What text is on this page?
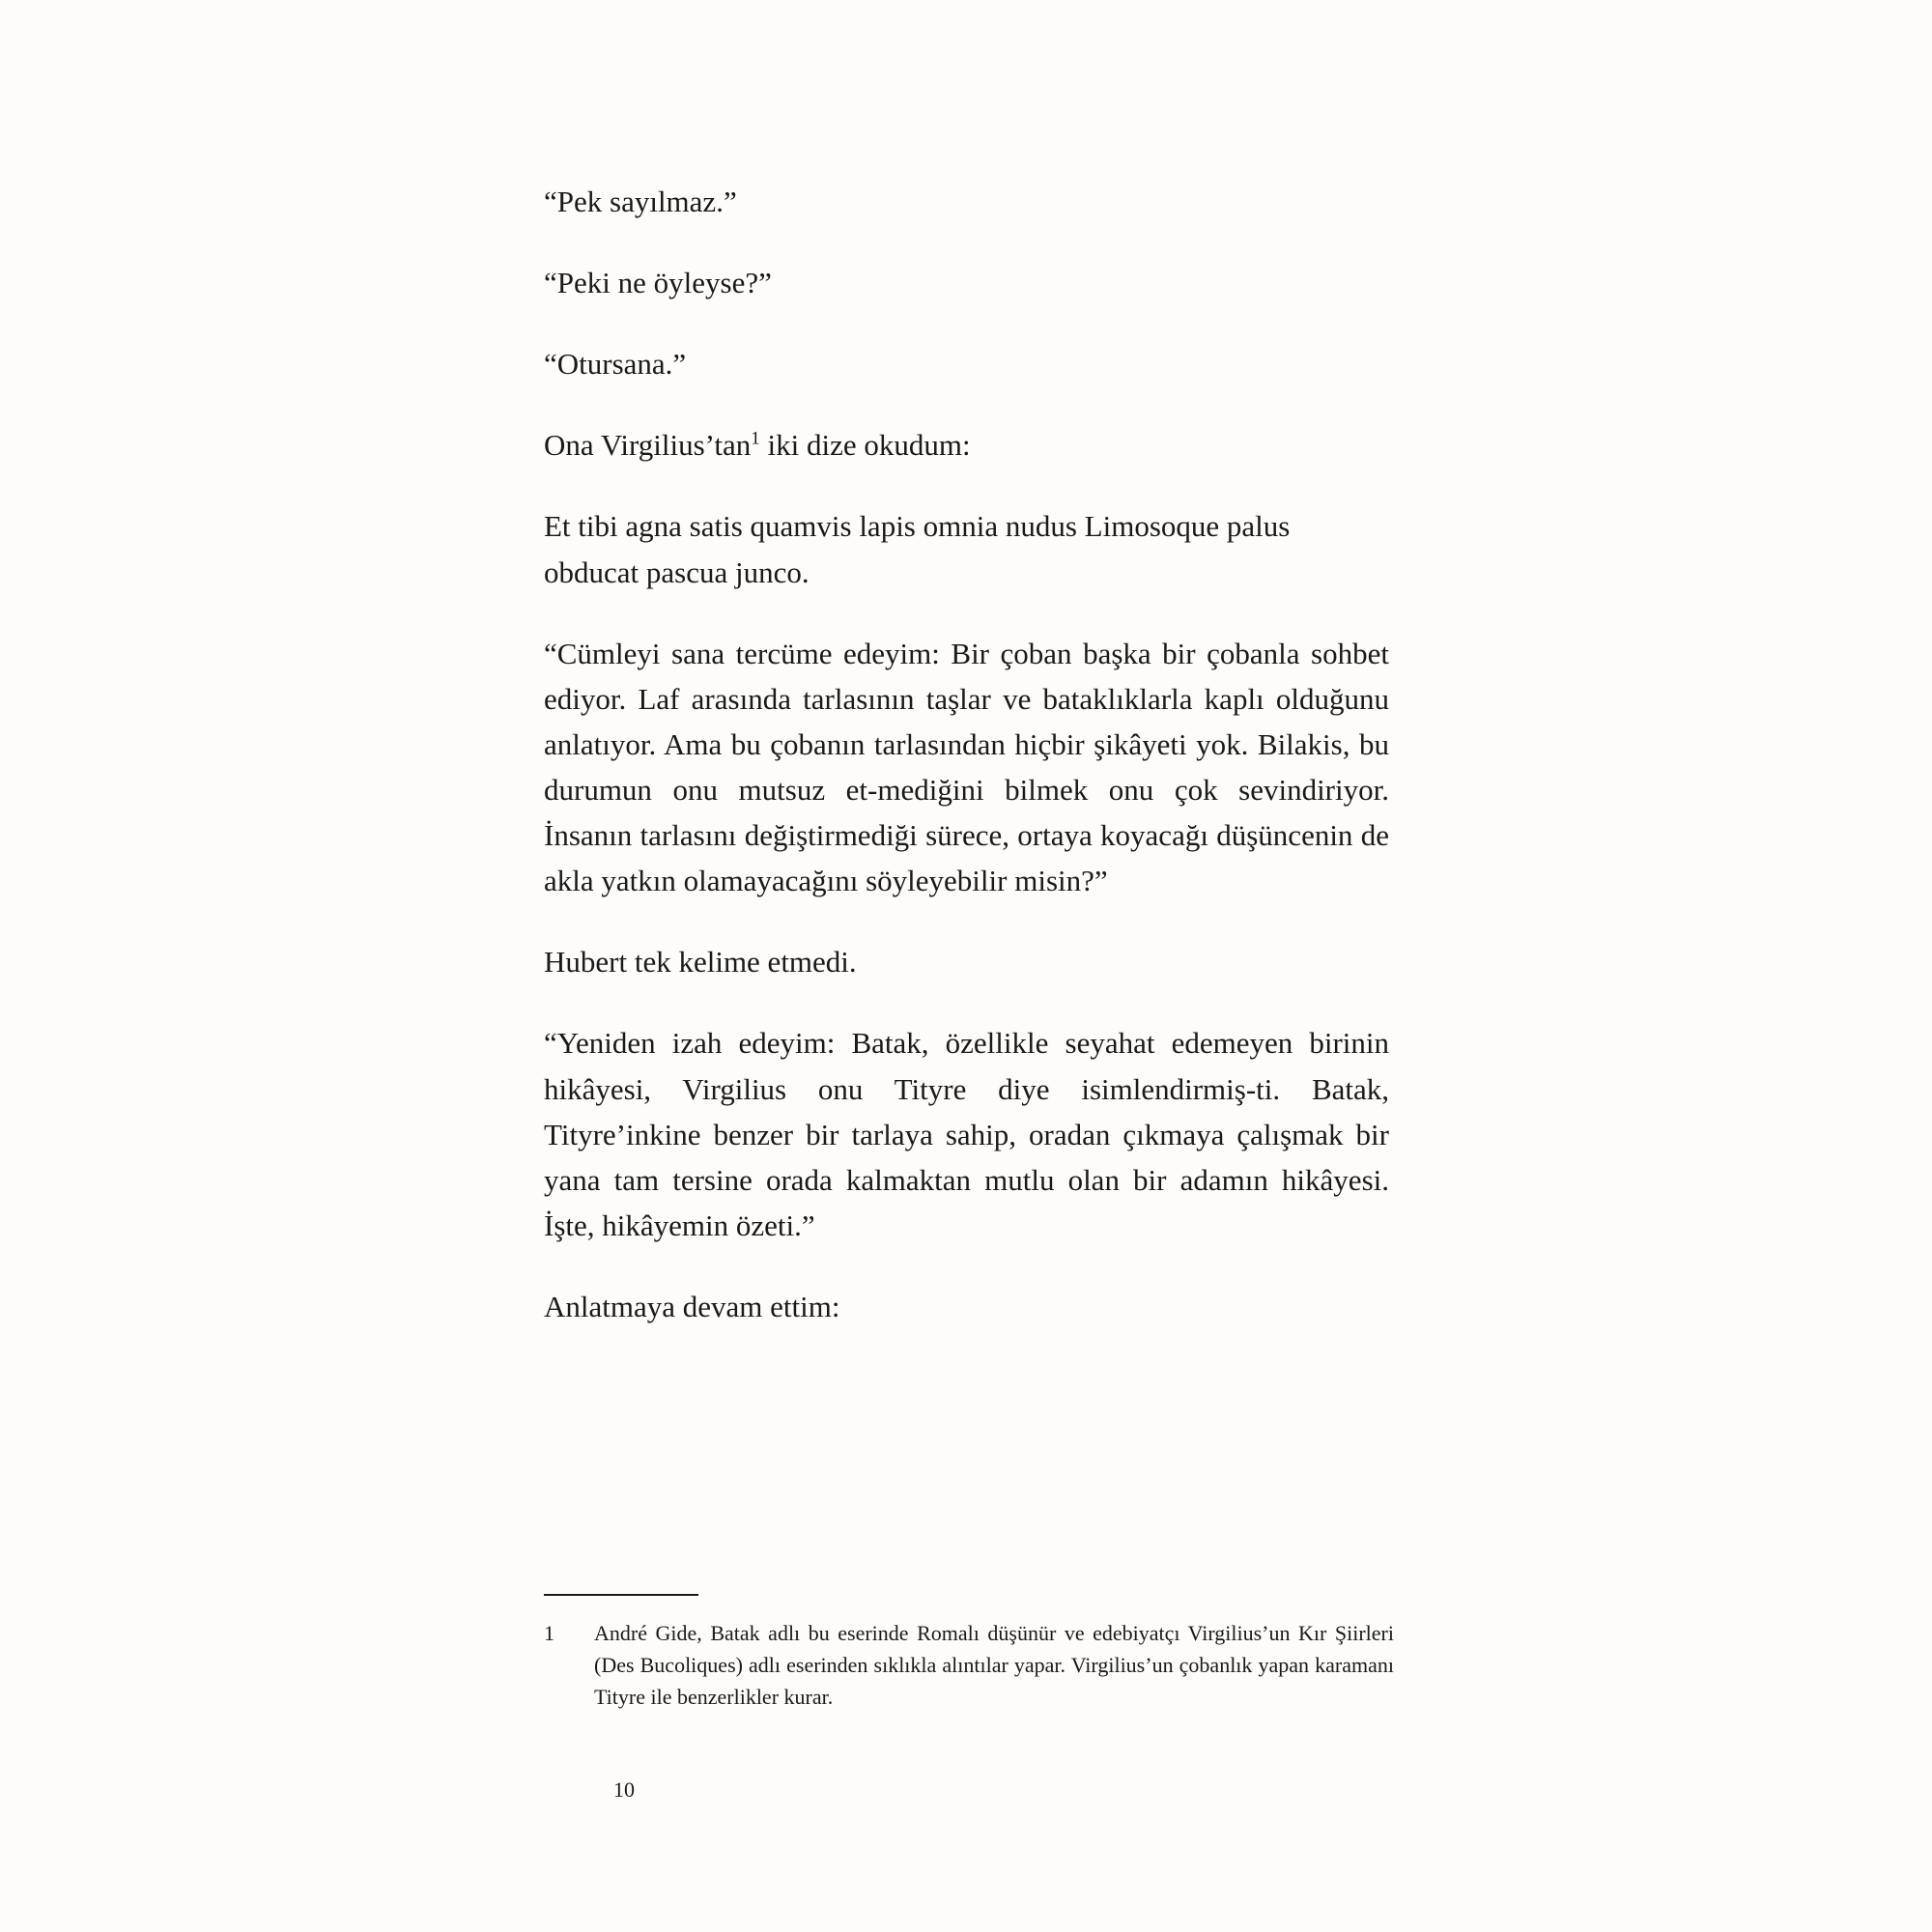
“Pek sayılmaz.”

“Peki ne öyleyse?”

“Otursana.”

Ona Virgilius’tan$^1$ iki dize okudum:

Et tibi agna satis quamvis lapis omnia nudus Limosoque palus obducat pascua junco.

“Cümleyi sana tercüme edeyim: Bir çoban başka bir çobanla sohbet ediyor. Laf arasında tarlasının taşlar ve bataklıklarla kaplı olduğunu anlatıyor. Ama bu çobanın tarlasından hiçbir şikâyeti yok. Bilakis, bu durumun onu mutsuz et-mediğini bilmek onu çok sevindiriyor. İnsanın tarlasını değiştirmediği sürece, ortaya koyacağı düşüncenin de akla yatkın olamayacağını söyleyebilir misin?”

Hubert tek kelime etmedi.

“Yeniden izah edeyim: Batak, özellikle seyahat edemeyen birinin hikâyesi, Virgilius onu Tityre diye isimlendirmiş-ti. Batak, Tityre’inkine benzer bir tarlaya sahip, oradan çıkmaya çalışmak bir yana tam tersine orada kalmaktan mutlu olan bir adamın hikâyesi. İşte, hikâyemin özeti.”

Anlatmaya devam ettim:

1	André Gide, Batak adlı bu eserinde Romalı düşünür ve edebiyatçı Virgilius’un Kır Şiirleri (Des Bucoliques) adlı eserinden sıklıkla alıntılar yapar. Virgilius’un çobanlık yapan karamanı Tityre ile benzerlikler kurar.
10
